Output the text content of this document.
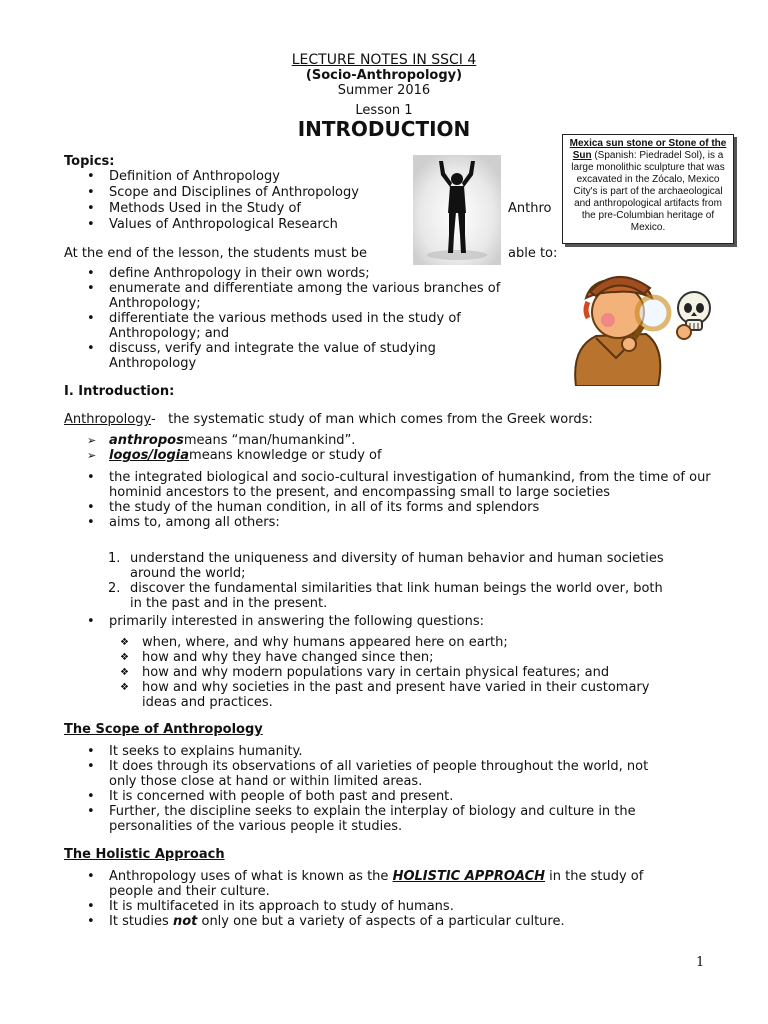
LECTURE NOTES IN SSCI 4
(Socio-Anthropology)
Summer 2016
Lesson 1
INTRODUCTION
Mexica sun stone or Stone of the Sun (Spanish: Piedradel Sol), is a large monolithic sculpture that was excavated in the Zócalo, Mexico City's is part of the archaeological and anthropological artifacts from the pre-Columbian heritage of Mexico.
Topics:
• Definition of Anthropology
• Scope and Disciplines of Anthropology
• Methods Used in the Study of
• Values of Anthropological Research
Anthro
At the end of the lesson, the students must be	able to:
• define Anthropology in their own words;
• enumerate and differentiate among the various branches of
Anthropology;
• differentiate the various methods used in the study of
Anthropology; and
• discuss, verify and integrate the value of studying
Anthropology
I. Introduction:
Anthropology- the systematic study of man which comes from the Greek words:
➢ anthroposmeans “man/humankind”.
➢ logos/logiameans knowledge or study of
• the integrated biological and socio-cultural investigation of humankind, from the time of our
hominid ancestors to the present, and encompassing small to large societies
• the study of the human condition, in all of its forms and splendors
• aims to, among all others:
1. understand the uniqueness and diversity of human behavior and human societies
around the world;
2. discover the fundamental similarities that link human beings the world over, both
in the past and in the present.
• primarily interested in answering the following questions:
❖ when, where, and why humans appeared here on earth;
❖ how and why they have changed since then;
❖ how and why modern populations vary in certain physical features; and
❖ how and why societies in the past and present have varied in their customary
ideas and practices.
The Scope of Anthropology
• It seeks to explains humanity.
• It does through its observations of all varieties of people throughout the world, not
only those close at hand or within limited areas.
• It is concerned with people of both past and present.
• Further, the discipline seeks to explain the interplay of biology and culture in the
personalities of the various people it studies.
The Holistic Approach
• Anthropology uses of what is known as the HOLISTIC APPROACH in the study of
people and their culture.
• It is multifaceted in its approach to study of humans.
• It studies not only one but a variety of aspects of a particular culture.
1
